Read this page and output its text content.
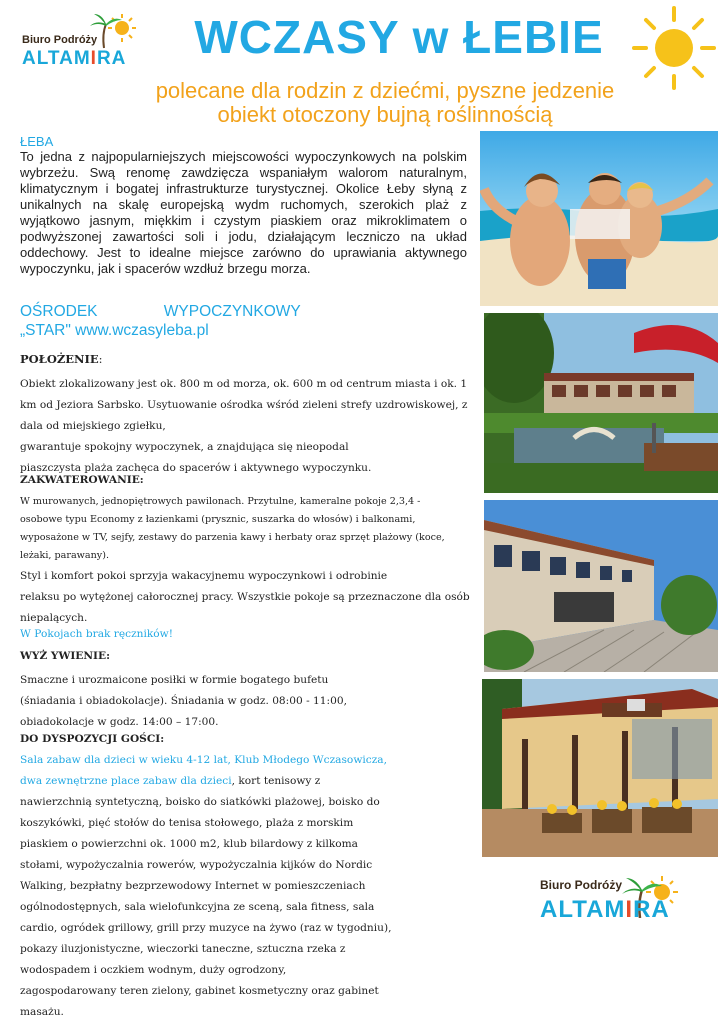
Biuro Podróży
ALTAMIRA WCZASY w ŁEBIE
polecane dla rodzin z dziećmi, pyszne jedzenie
obiekt otoczony bujną roślinnością
ŁEBA
To jedna z najpopularniejszych miejscowości wypoczynkowych na polskim wybrzeżu. Swą renomę zawdzięcza wspaniałym walorom naturalnym, klimatycznym i bogatej infrastrukturze turystycznej. Okolice Łeby słyną z unikalnych na skalę europejską wydm ruchomych, szerokich plaż z wyjątkowo jasnym, miękkim i czystym piaskiem oraz mikroklimatem o podwyższonej zawartości soli i jodu, działającym leczniczo na układ oddechowy. Jest to idealne miejsce zarówno do uprawiania aktywnego wypoczynku, jak i spacerów wzdłuż brzegu morza.
OŚRODEK	WYPOCZYNKOWY
„STAR" www.wczasyleba.pl
POŁOŻENIE:
Obiekt zlokalizowany jest ok. 800 m od morza, ok. 600 m od centrum miasta i ok. 1
km od Jeziora Sarbsko. Usytuowanie ośrodka wśród zieleni strefy uzdrowiskowej, z
dala od miejskiego zgiełku,
gwarantuje spokojny wypoczynek, a znajdująca się nieopodal
piaszczysta plaża zachęca do spacerów i aktywnego wypoczynku.
ZAKWATEROWANIE:
W murowanych, jednopiętrowych pawilonach. Przytulne, kameralne pokoje 2,3,4 -
osobowe typu Economy z łazienkami (prysznic, suszarka do włosów) i balkonami,
wyposażone w TV, sejfy, zestawy do parzenia kawy i herbaty oraz sprzęt plażowy (koce,
leżaki, parawany).
Styl i komfort pokoi sprzyja wakacyjnemu wypoczynkowi i odrobinie
relaksu po wytężonej całorocznej pracy. Wszystkie pokoje są przeznaczone dla osób
niepalących.
W Pokojach brak ręczników!
WYŻ YWIENIE:
Smaczne i urozmaicone posiłki w formie bogatego bufetu
(śniadania i obiadokolacje). Śniadania w godz. 08:00 - 11:00,
obiadokolacje w godz. 14:00 – 17:00.
DO DYSPOZYCJI GOŚCI:
Sala zabaw dla dzieci w wieku 4-12 lat, Klub Młodego Wczasowicza,
dwa zewnętrzne place zabaw dla dzieci, kort tenisowy z
nawierzchnią syntetyczną, boisko do siatkówki plażowej, boisko do
koszykówki, pięć stołów do tenisa stołowego, plaża z morskim
piaskiem o powierzchni ok. 1000 m2, klub bilardowy z kilkoma
stołami, wypożyczalnia rowerów, wypożyczalnia kijków do Nordic
Walking, bezpłatny bezprzewodowy Internet w pomieszczeniach
ogólnodostępnych, sala wielofunkcyjna ze sceną, sala fitness, sala
cardio, ogródek grillowy, grill przy muzyce na żywo (raz w tygodniu),
pokazy iluzjonistyczne, wieczorki taneczne, sztuczna rzeka z
wodospadem i oczkiem wodnym, duży ogrodzony,
zagospodarowany teren zielony, gabinet kosmetyczny oraz gabinet
masażu.
Biuro Podróży
ALTAMIRA
